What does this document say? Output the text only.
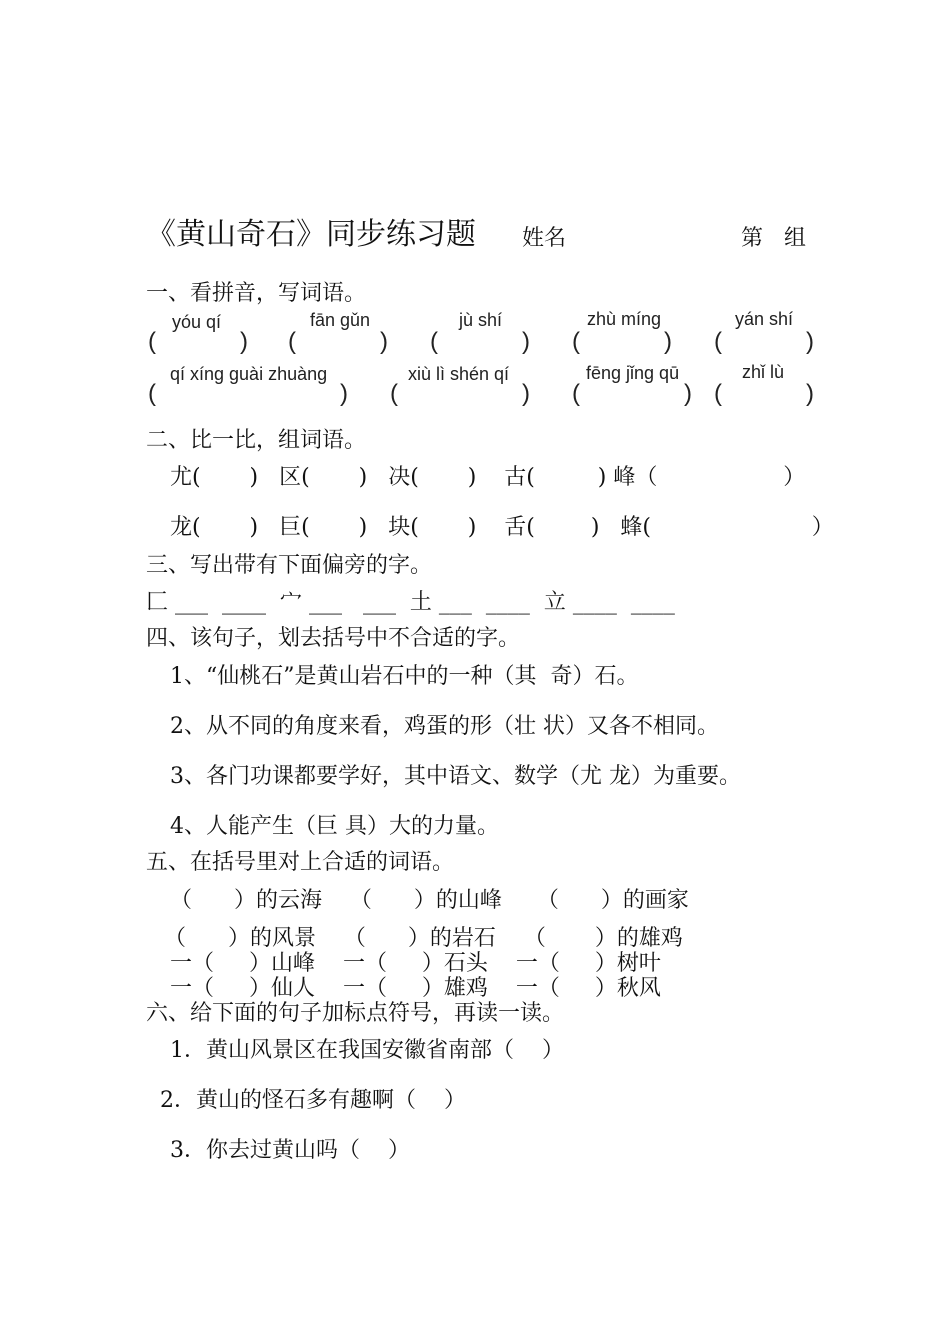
《黄山奇石》同步练习题 姓名	第   组
一、看拼音，写词语。
yóu qí	fān gǔn	jù shí	zhù míng	yán shí
(	) (	) (	) (	) (	)
qí xíng guài zhuàng	xiù lì shén qí	fēng jǐng qū	zhǐ lù
(	) (	) (	) (	)
二、比一比，组词语。
尤(       )   区(       )   决(       )    古(         ) 峰（                  ）
龙(       )   巨(       )   块(       )    舌(        )   蜂(                       ）
三、写出带有下面偏旁的字。
匚 ___  ____  宀 ___   ___  土 ___  ____  立 ____  ____
四、该句子，划去括号中不合适的字。
1、“仙桃石”是黄山岩石中的一种（其  奇）石。
2、从不同的角度来看，鸡蛋的形（壮 状）又各不相同。
3、各门功课都要学好，其中语文、数学（尤 龙）为重要。
4、人能产生（巨 具）大的力量。
五、在括号里对上合适的词语。
（      ）的云海    （      ）的山峰     （      ）的画家
（      ）的风景    （      ）的岩石    （       ）的雄鸡
一（     ）山峰    一（     ）石头    一（     ）树叶
一（     ）仙人    一（     ）雄鸡    一（     ）秋风
六、给下面的句子加标点符号，再读一读。
1．黄山风景区在我国安徽省南部（    ）
2．黄山的怪石多有趣啊（    ）
3．你去过黄山吗（    ）
